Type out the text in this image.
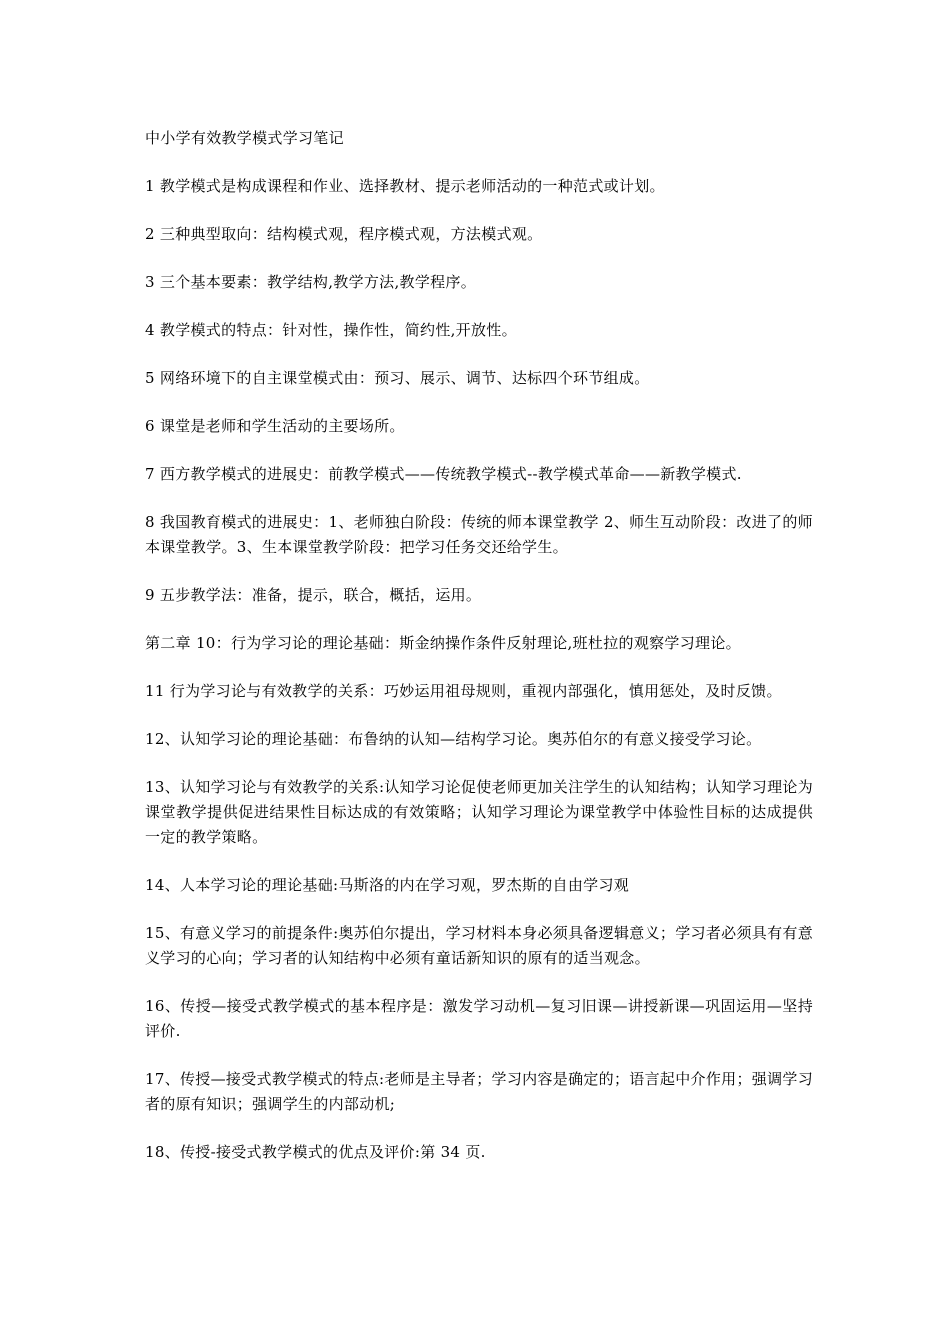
中小学有效教学模式学习笔记

1 教学模式是构成课程和作业、选择教材、提示老师活动的一种范式或计划。

2 三种典型取向：结构模式观，程序模式观，方法模式观。

3 三个基本要素：教学结构,教学方法,教学程序。

4 教学模式的特点：针对性，操作性，简约性,开放性。

5 网络环境下的自主课堂模式由：预习、展示、调节、达标四个环节组成。

6 课堂是老师和学生活动的主要场所。

7 西方教学模式的进展史：前教学模式——传统教学模式--教学模式革命——新教学模式.

8 我国教育模式的进展史：1、老师独白阶段：传统的师本课堂教学 2、师生互动阶段：改进了的师本课堂教学。3、生本课堂教学阶段：把学习任务交还给学生。

9 五步教学法：准备，提示，联合，概括，运用。

第二章 10：行为学习论的理论基础：斯金纳操作条件反射理论,班杜拉的观察学习理论。

11 行为学习论与有效教学的关系：巧妙运用祖母规则，重视内部强化，慎用惩处，及时反馈。

12、认知学习论的理论基础：布鲁纳的认知—结构学习论。奥苏伯尔的有意义接受学习论。

13、认知学习论与有效教学的关系:认知学习论促使老师更加关注学生的认知结构；认知学习理论为课堂教学提供促进结果性目标达成的有效策略；认知学习理论为课堂教学中体验性目标的达成提供一定的教学策略。

14、人本学习论的理论基础:马斯洛的内在学习观，罗杰斯的自由学习观

15、有意义学习的前提条件:奥苏伯尔提出，学习材料本身必须具备逻辑意义；学习者必须具有有意义学习的心向；学习者的认知结构中必须有童话新知识的原有的适当观念。

16、传授—接受式教学模式的基本程序是：激发学习动机—复习旧课—讲授新课—巩固运用—坚持评价.

17、传授—接受式教学模式的特点:老师是主导者；学习内容是确定的；语言起中介作用；强调学习者的原有知识；强调学生的内部动机;

18、传授-接受式教学模式的优点及评价:第 34 页.
